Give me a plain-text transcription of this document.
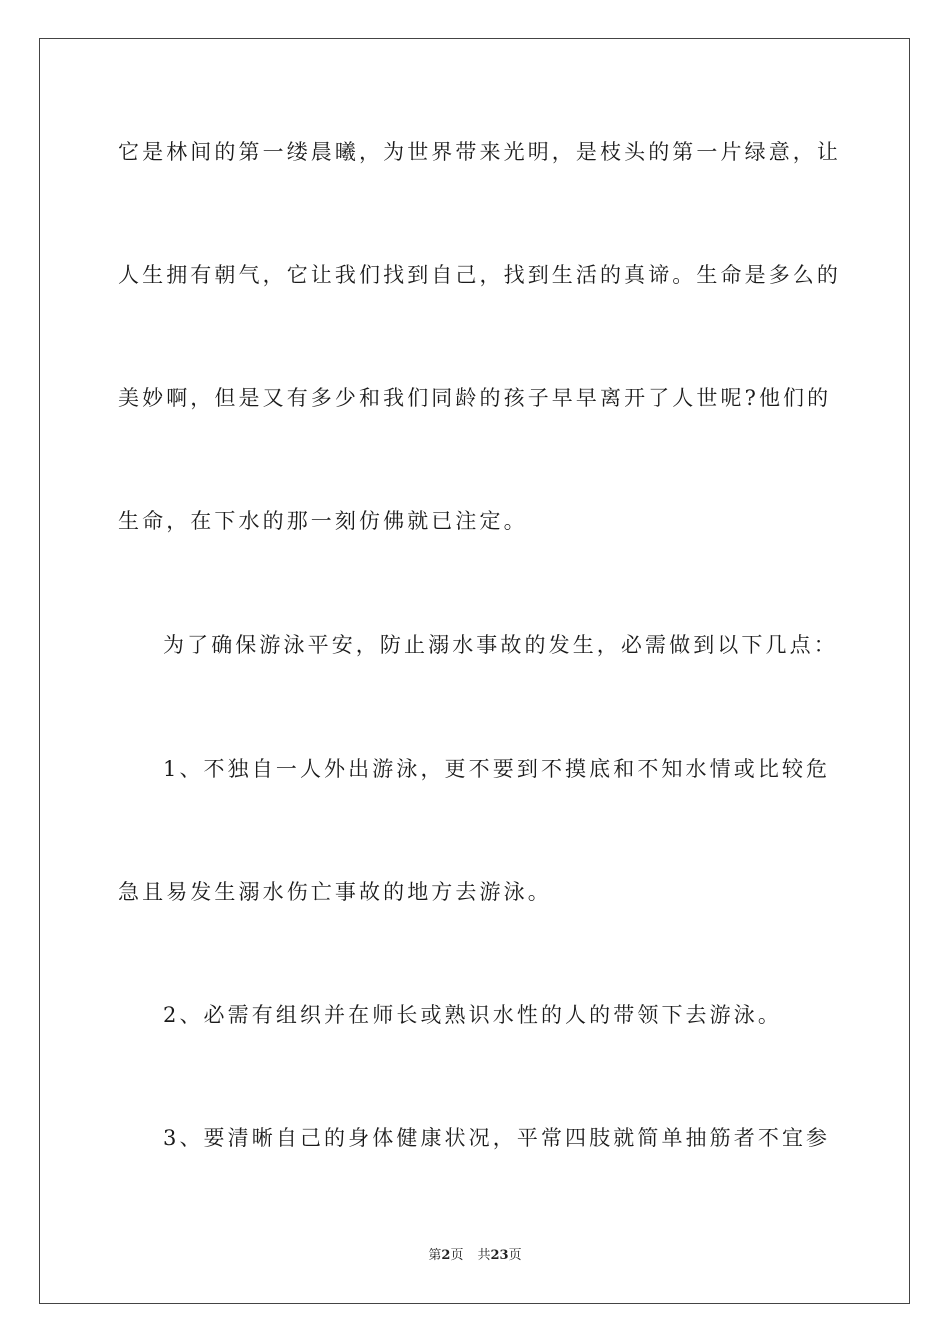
它是林间的第一缕晨曦，为世界带来光明，是枝头的第一片绿意，让
人生拥有朝气，它让我们找到自己，找到生活的真谛。生命是多么的
美妙啊，但是又有多少和我们同龄的孩子早早离开了人世呢?他们的
生命，在下水的那一刻仿佛就已注定。
为了确保游泳平安，防止溺水事故的发生，必需做到以下几点：
1、不独自一人外出游泳，更不要到不摸底和不知水情或比较危
急且易发生溺水伤亡事故的地方去游泳。
2、必需有组织并在师长或熟识水性的人的带领下去游泳。
3、要清晰自己的身体健康状况，平常四肢就简单抽筋者不宜参
第2页 共23页
